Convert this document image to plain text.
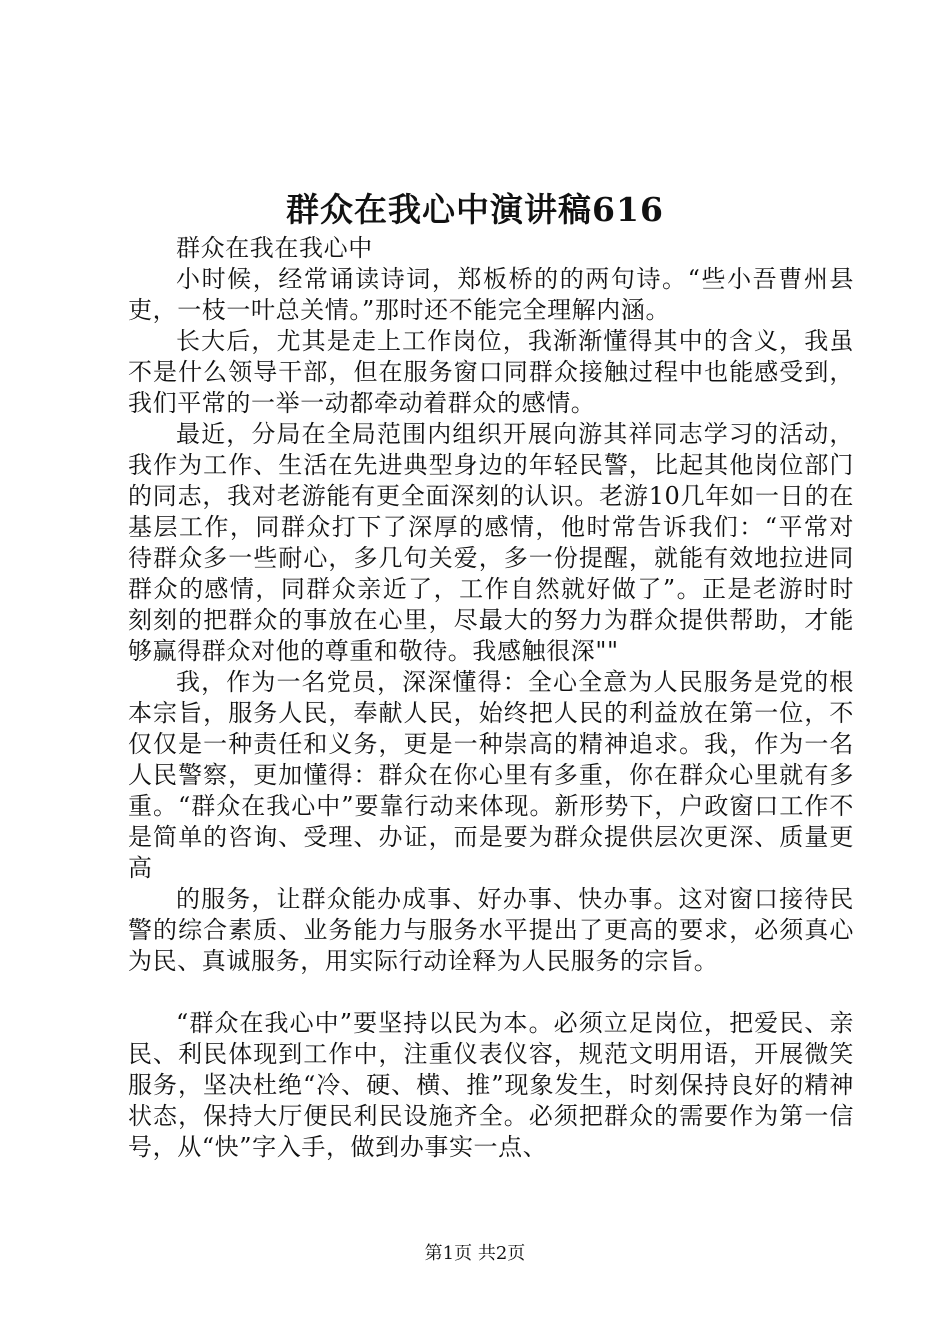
群众在我心中演讲稿616

群众在我在我心中

小时候，经常诵读诗词，郑板桥的的两句诗。“些小吾曹州县吏，一枝一叶总关情。”那时还不能完全理解内涵。

长大后，尤其是走上工作岗位，我渐渐懂得其中的含义，我虽不是什么领导干部，但在服务窗口同群众接触过程中也能感受到，我们平常的一举一动都牵动着群众的感情。

最近，分局在全局范围内组织开展向游其祥同志学习的活动，我作为工作、生活在先进典型身边的年轻民警，比起其他岗位部门的同志，我对老游能有更全面深刻的认识。老游10几年如一日的在基层工作，同群众打下了深厚的感情，他时常告诉我们：“平常对待群众多一些耐心，多几句关爱，多一份提醒，就能有效地拉进同群众的感情，同群众亲近了，工作自然就好做了”。正是老游时时刻刻的把群众的事放在心里，尽最大的努力为群众提供帮助，才能够赢得群众对他的尊重和敬待。我感触很深""

我，作为一名党员，深深懂得：全心全意为人民服务是党的根本宗旨，服务人民，奉献人民，始终把人民的利益放在第一位，不仅仅是一种责任和义务，更是一种崇高的精神追求。我，作为一名人民警察，更加懂得：群众在你心里有多重，你在群众心里就有多重。“群众在我心中”要靠行动来体现。新形势下，户政窗口工作不是简单的咨询、受理、办证，而是要为群众提供层次更深、质量更高

的服务，让群众能办成事、好办事、快办事。这对窗口接待民警的综合素质、业务能力与服务水平提出了更高的要求，必须真心为民、真诚服务，用实际行动诠释为人民服务的宗旨。

“群众在我心中”要坚持以民为本。必须立足岗位，把爱民、亲民、利民体现到工作中，注重仪表仪容，规范文明用语，开展微笑服务，坚决杜绝“冷、硬、横、推”现象发生，时刻保持良好的精神状态，保持大厅便民利民设施齐全。必须把群众的需要作为第一信号，从“快”字入手，做到办事实一点、

第1页 共2页
